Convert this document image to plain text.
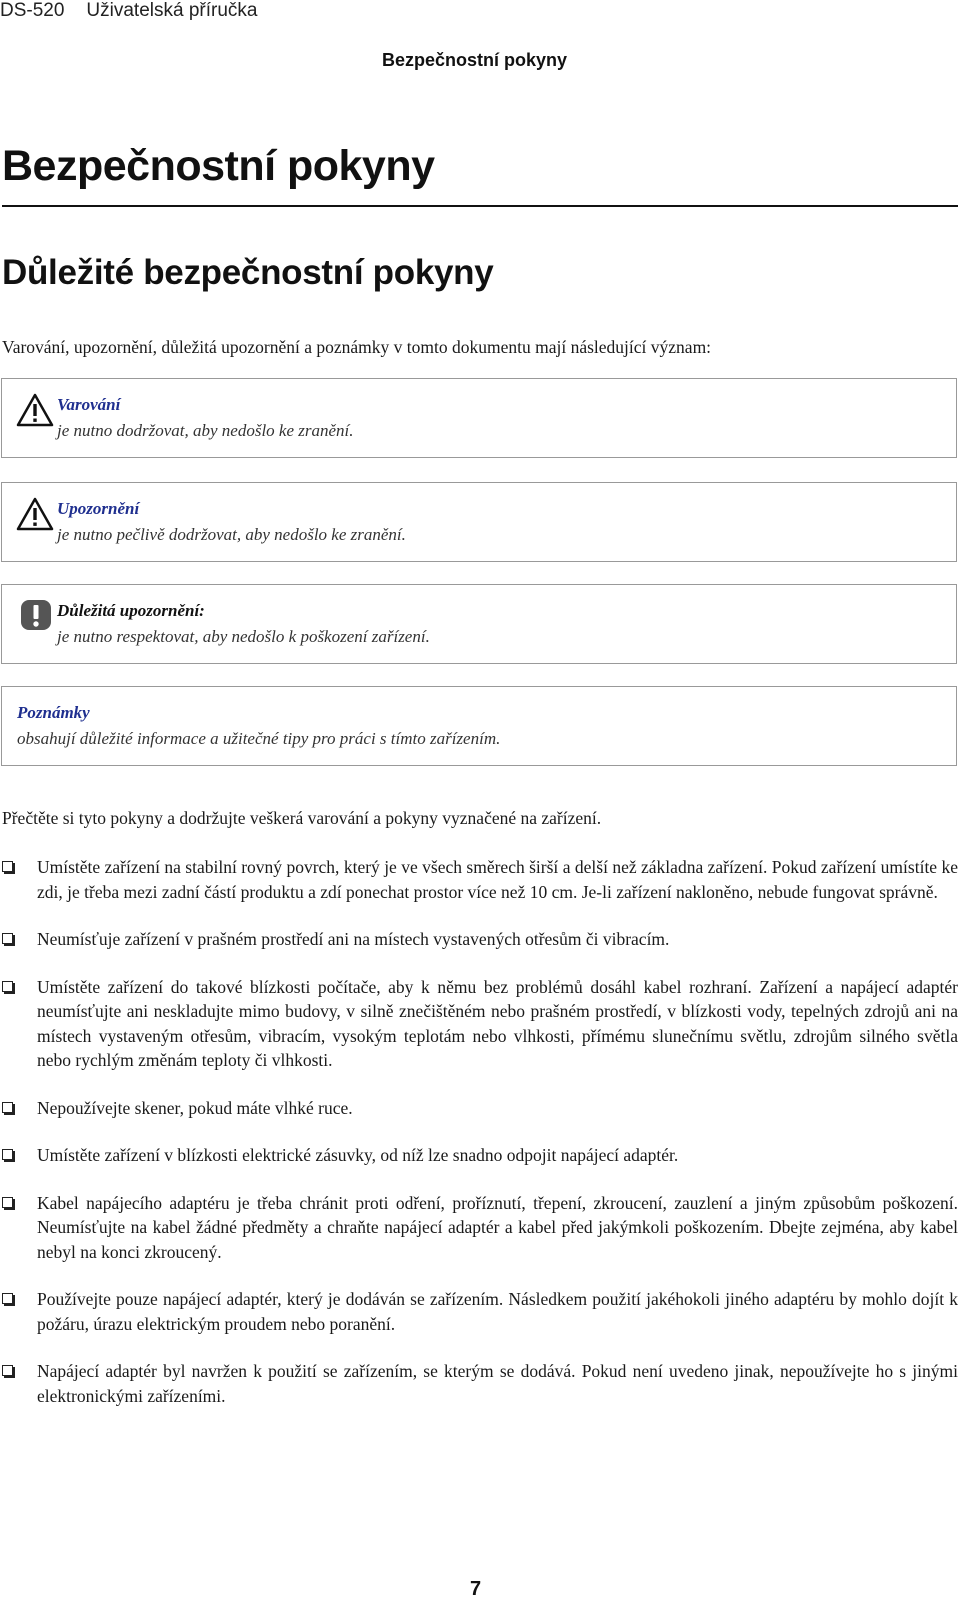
DS-520 Uživatelská příručka
Bezpečnostní pokyny
Bezpečnostní pokyny
Důležité bezpečnostní pokyny
Varování, upozornění, důležitá upozornění a poznámky v tomto dokumentu mají následující význam:
Varování
je nutno dodržovat, aby nedošlo ke zranění.
Upozornění
je nutno pečlivě dodržovat, aby nedošlo ke zranění.
Důležitá upozornění:
je nutno respektovat, aby nedošlo k poškození zařízení.
Poznámky
obsahují důležité informace a užitečné tipy pro práci s tímto zařízením.
Přečtěte si tyto pokyny a dodržujte veškerá varování a pokyny vyznačené na zařízení.
Umístěte zařízení na stabilní rovný povrch, který je ve všech směrech širší a delší než základna zařízení. Pokud zařízení umístíte ke zdi, je třeba mezi zadní částí produktu a zdí ponechat prostor více než 10 cm. Je-li zařízení nakloněno, nebude fungovat správně.
Neumísťuje zařízení v prašném prostředí ani na místech vystavených otřesům či vibracím.
Umístěte zařízení do takové blízkosti počítače, aby k němu bez problémů dosáhl kabel rozhraní. Zařízení a napájecí adaptér neumísťujte ani neskladujte mimo budovy, v silně znečištěném nebo prašném prostředí, v blízkosti vody, tepelných zdrojů ani na místech vystaveným otřesům, vibracím, vysokým teplotám nebo vlhkosti, přímému slunečnímu světlu, zdrojům silného světla nebo rychlým změnám teploty či vlhkosti.
Nepoužívejte skener, pokud máte vlhké ruce.
Umístěte zařízení v blízkosti elektrické zásuvky, od níž lze snadno odpojit napájecí adaptér.
Kabel napájecího adaptéru je třeba chránit proti odření, proříznutí, třepení, zkroucení, zauzlení a jiným způsobům poškození. Neumísťujte na kabel žádné předměty a chraňte napájecí adaptér a kabel před jakýmkoli poškozením. Dbejte zejména, aby kabel nebyl na konci zkroucený.
Používejte pouze napájecí adaptér, který je dodáván se zařízením. Následkem použití jakéhokoli jiného adaptéru by mohlo dojít k požáru, úrazu elektrickým proudem nebo poranění.
Napájecí adaptér byl navržen k použití se zařízením, se kterým se dodává. Pokud není uvedeno jinak, nepoužívejte ho s jinými elektronickými zařízeními.
7
